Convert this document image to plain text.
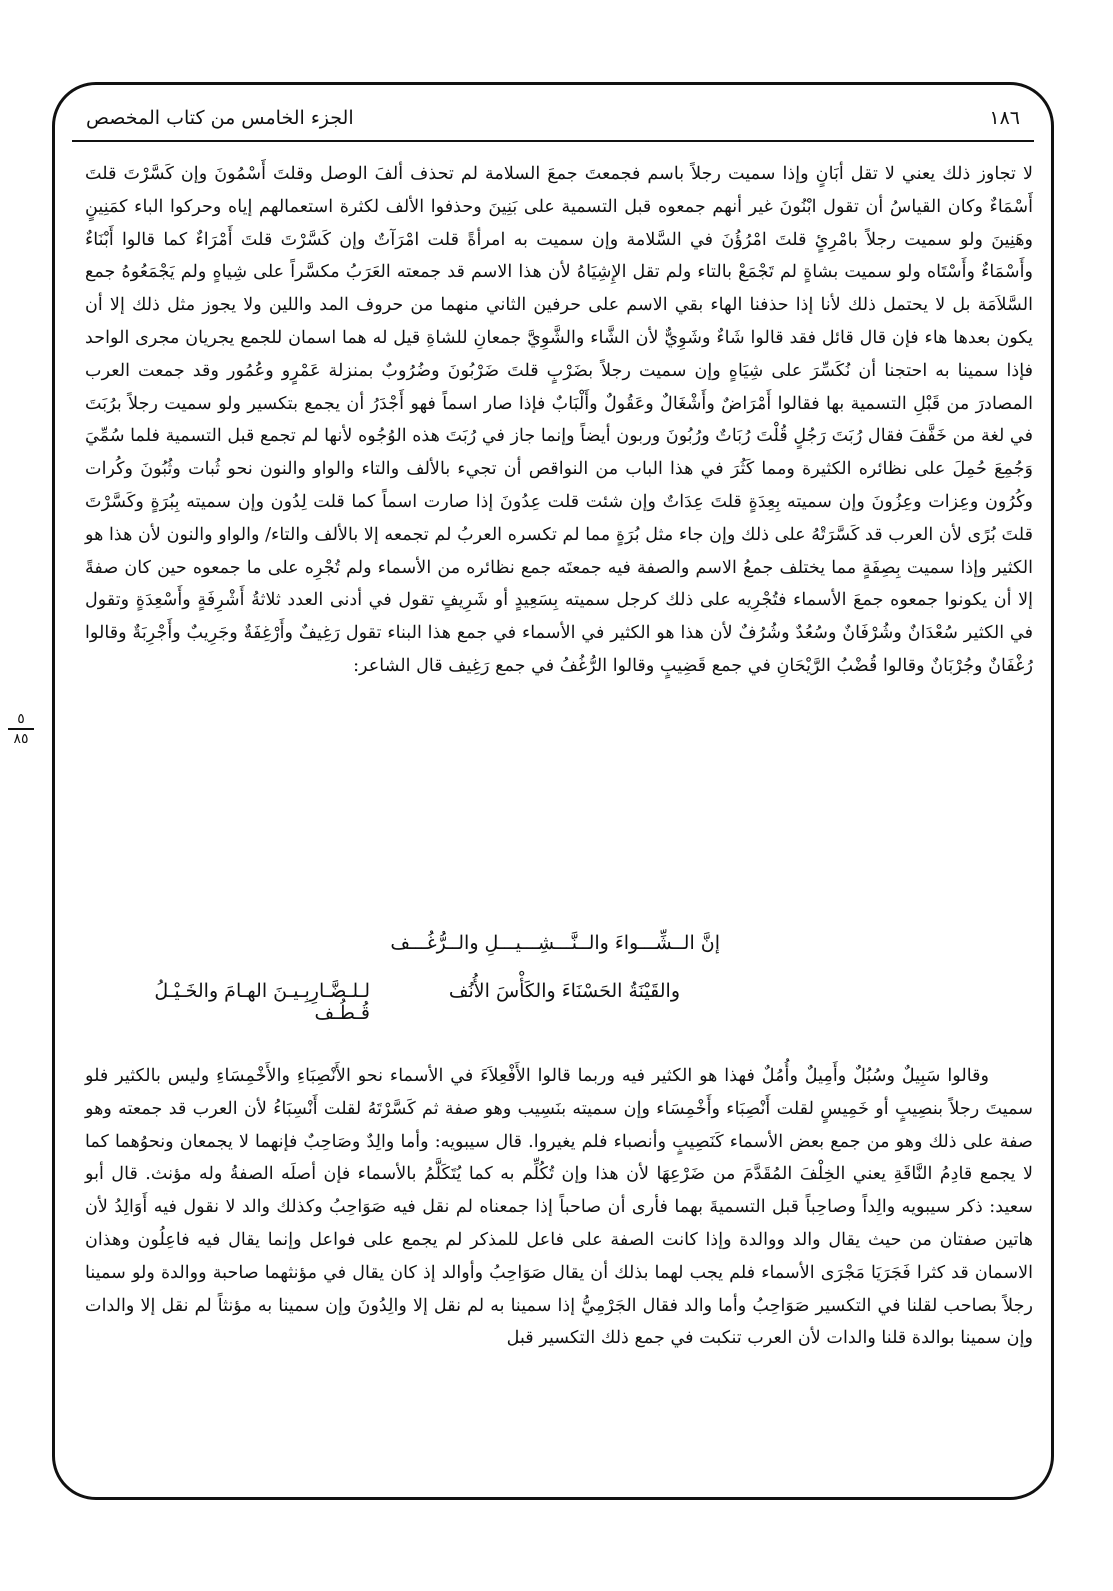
١٨٦
الجزء الخامس من كتاب المخصص

لا تجاوز ذلك يعني لا تقل أبَانٍ وإذا سميت رجلاً باسم فجمعتَ جمعَ السلامة لم تحذف ألفَ الوصل وقلتَ أَسْمُونَ وإن كَسَّرْتَ قلتَ أَسْمَاءٌ وكان القياسُ أن تقول ابْنُونَ غير أنهم جمعوه قبل التسمية على بَنِينَ وحذفوا الألف لكثرة استعمالهم إياه وحركوا الباء كمَنِينٍ وهَنِينَ ولو سميت رجلاً بامْرِئٍ قلتَ امْرُؤُنَ في السَّلامة وإن سميت به امرأةً قلت امْرَآتٌ وإن كَسَّرْتَ قلتَ أَمْرَاءٌ كما قالوا أَبْنَاءٌ وأَسْمَاءٌ وأَسْتَاه ولو سميت بشاةٍ لم تَجْمَعْ بالتاء ولم تقل الإِشِيَاهُ لأن هذا الاسم قد جمعته العَرَبُ مكسَّراً على شِياهٍ ولم يَجْمَعُوهُ جمع السَّلاَمَة بل لا يحتمل ذلك لأنا إذا حذفنا الهاء بقي الاسم على حرفين الثاني منهما من حروف المد واللين ولا يجوز مثل ذلك إلا أن يكون بعدها هاء فإن قال قائل فقد قالوا شَاءٌ وشَوِيٌّ لأن الشَّاء والشَّوِيَّ جمعانِ للشاةِ قيل له هما اسمان للجمع يجريان مجرى الواحد فإذا سمينا به احتجنا أن نُكَسِّرَ على شِيَاهٍ وإن سميت رجلاً بضَرْبٍ قلتَ ضَرْبُونَ وضُرُوبٌ بمنزلة عَمْرٍو وعُمُور وقد جمعت العرب المصادرَ من قَبْلِ التسمية بها فقالوا أَمْرَاضٌ وأَشْغَالٌ وعَقُولٌ وأَلْبَابٌ فإذا صار اسماً فهو أَجْدَرُ أن يجمع بتكسير ولو سميت رجلاً برُبَتَ في لغة من خَفَّفَ فقال رُبَتَ رَجُلٍ قُلْتَ رُبَاتٌ ورُبُونَ وربون أيضاً وإنما جاز في رُبَتَ هذه الوُجُوه لأنها لم تجمع قبل التسمية فلما سُمِّيَ وَجُمِعَ حُمِلَ على نظائره الكثيرة ومما كَثُرَ في هذا الباب من النواقص أن تجيء بالألف والتاء والواو والنون نحو ثُبات وثُبُونَ وكُرات وكُرُون وعِزات وعِزُونَ وإن سميته بِعِدَةٍ قلتَ عِدَاتٌ وإن شئت قلت عِدُونَ إذا صارت اسماً كما قلت لِدُون وإن سميته بِبُرَةٍ وكَسَّرْتَ قلتَ بُرًى لأن العرب قد كَسَّرَتْهُ على ذلك وإن جاء مثل بُرَةٍ مما لم تكسره العربُ لم تجمعه إلا بالألف والتاء/ والواو والنون لأن هذا هو الكثير وإذا سميت بِصِفَةٍ مما يختلف جمعُ الاسم والصفة فيه جمعتَه جمع نظائره من الأسماء ولم تُجْرِه على ما جمعوه حين كان صفةً إلا أن يكونوا جمعوه جمعَ الأسماء فتُجْرِيه على ذلك كرجل سميته بِسَعِيدٍ أو شَرِيفٍ تقول في أدنى العدد ثلاثةُ أَشْرِفَةٍ وأَسْعِدَةٍ وتقول في الكثير سُعْدَانٌ وشُرْفَانٌ وسُعُدٌ وشُرُفٌ لأن هذا هو الكثير في الأسماء في جمع هذا البناء تقول رَغِيفٌ وأَرْغِفَةٌ وجَرِيبٌ وأَجْرِبَةٌ وقالوا رُغْفَانٌ وجُرْبَانٌ وقالوا قُضْبُ الرَّيْحَانِ في جمع قَضِيبٍ وقالوا الرُّغُفُ في جمع رَغِيف قال الشاعر:

إنَّ الــشِّـــواءَ والــنَّـــشِـــيـــلِ والــرُّغُـــف
والقَيْنَةُ الحَسْنَاءَ والكَأْسَ الأُنُف
لـلـضَّـارِبِـيـنَ الهـامَ والخَـيْـلُ قُـطُـف

وقالوا سَبِيلٌ وسُبُلٌ وأَمِيلٌ وأُمُلٌ فهذا هو الكثير فيه وربما قالوا الأَفْعِلاَءَ في الأسماء نحو الأَنْصِبَاءِ والأَخْمِسَاءِ وليس بالكثير فلو سميتَ رجلاً بنصِيبٍ أو خَمِيسٍ لقلت أَنْصِبَاء وأَخْمِسَاء وإن سميته بنَسِيب وهو صفة ثم كَسَّرْتَهُ لقلت أَنْسِبَاءُ لأن العرب قد جمعته وهو صفة على ذلك وهو من جمع بعض الأسماء كَنَصِيبٍ وأنصباء فلم يغيروا. قال سيبويه: وأما والِدٌ وصَاحِبٌ فإنهما لا يجمعان ونحوُهما كما لا يجمع قادِمُ النَّاقَةِ يعني الخِلْفَ المُقَدَّمَ من ضَرْعِهَا لأن هذا وإن تُكُلِّم به كما يُتَكَلَّمُ بالأسماء فإن أصلَه الصفةُ وله مؤنث. قال أبو سعيد: ذكر سيبويه والِداً وصاحِباً قبل التسميةَ بهما فأرى أن صاحباً إذا جمعناه لم نقل فيه صَوَاحِبُ وكذلك والد لا نقول فيه أَوَالِدُ لأن هاتين صفتان من حيث يقال والد ووالدة وإذا كانت الصفة على فاعل للمذكر لم يجمع على فواعل وإنما يقال فيه فاعِلُون وهذان الاسمان قد كثرا فَجَرَيَا مَجْرَى الأسماء فلم يجب لهما بذلك أن يقال صَوَاحِبُ وأوالد إذ كان يقال في مؤنثهما صاحبة ووالدة ولو سمينا رجلاً بصاحب لقلنا في التكسير صَوَاحِبُ وأما والد فقال الجَرْمِيُّ إذا سمينا به لم نقل إلا والِدُونَ وإن سمينا به مؤنثاً لم نقل إلا والدات وإن سمينا بوالدة قلنا والدات لأن العرب تنكبت في جمع ذلك التكسير قبل

٥
٨٥
